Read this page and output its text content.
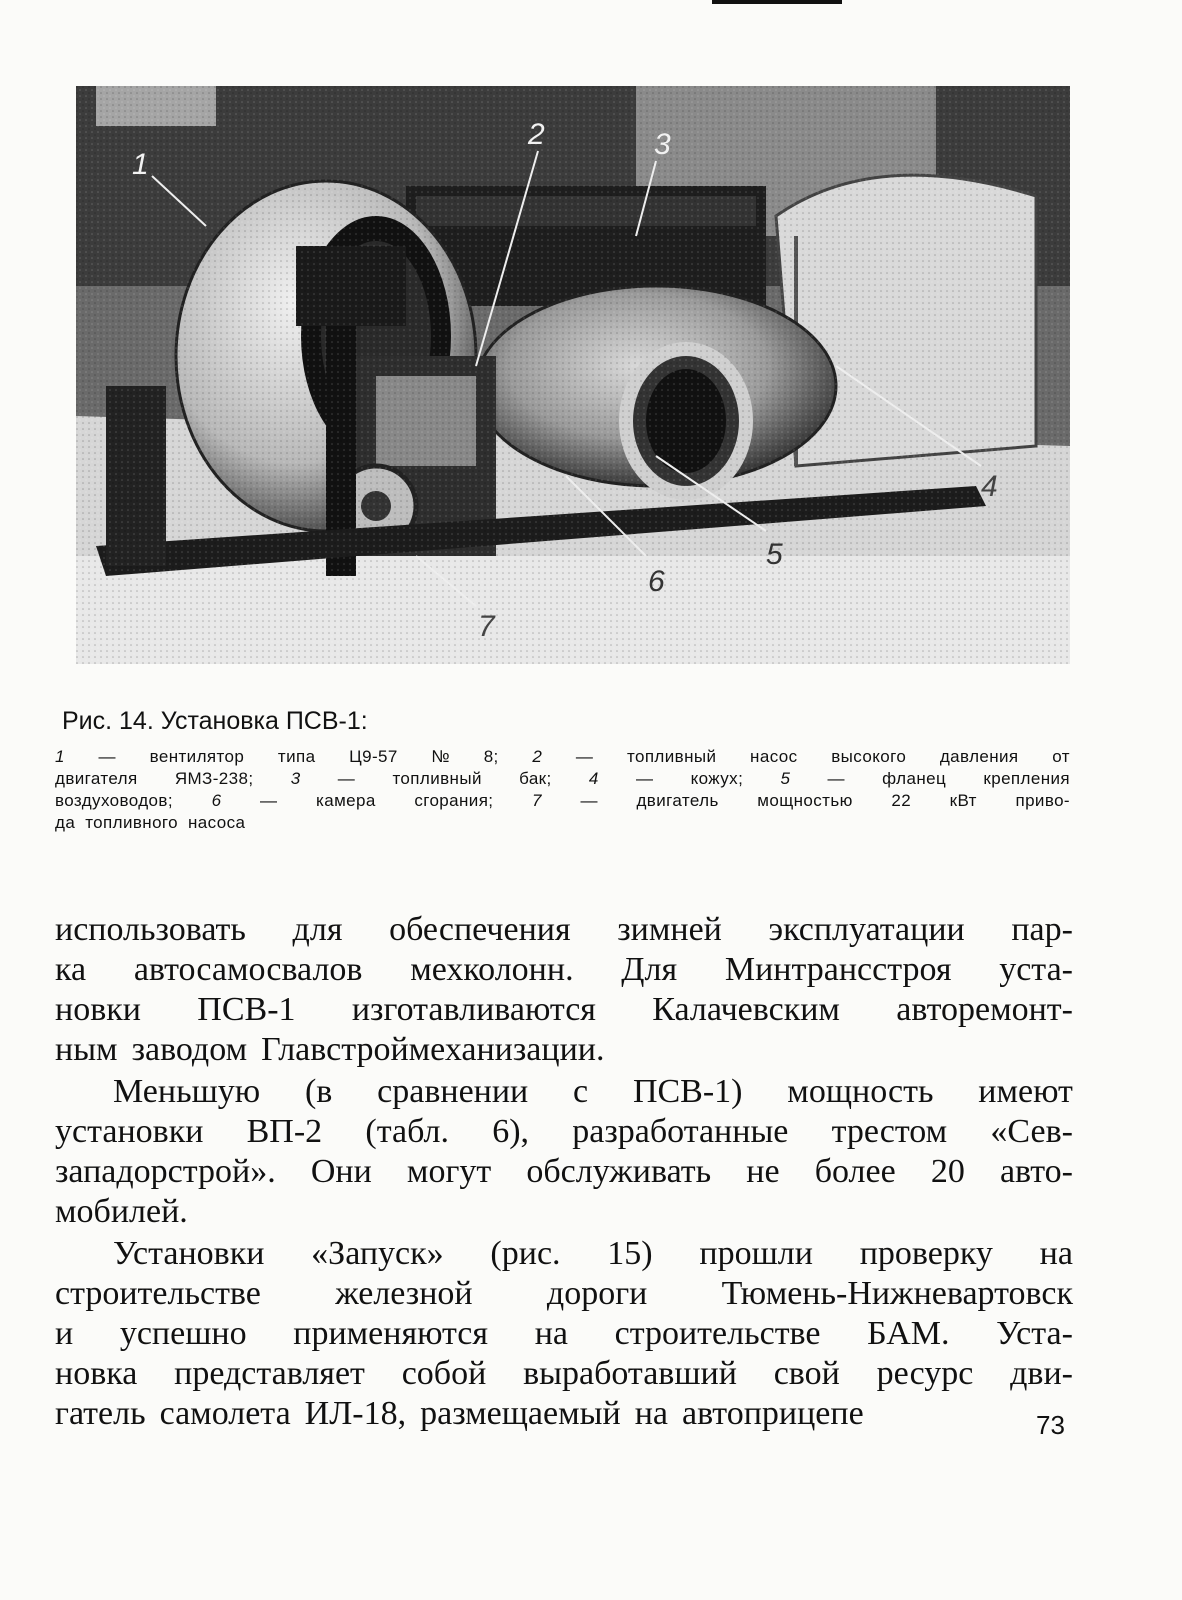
1
2	3
4
5
6
7
Рис. 14. Установка ПСВ-1:
1 — вентилятор типа Ц9-57 № 8; 2 — топливный насос высокого давления от
двигателя ЯМЗ-238; 3 — топливный бак; 4 — кожух; 5 — фланец крепления
воздуховодов; 6 — камера сгорания; 7 — двигатель мощностью 22 кВт приво-
да топливного насоса
использовать для обеспечения зимней эксплуатации пар-
ка автосамосвалов мехколонн. Для Минтрансстроя уста-
новки ПСВ-1 изготавливаются Калачевским авторемонт-
ным заводом Главстроймеханизации.
Меньшую (в сравнении с ПСВ-1) мощность имеют
установки ВП-2 (табл. 6), разработанные трестом «Сев-
западорстрой». Они могут обслуживать не более 20 авто-
мобилей.
Установки «Запуск» (рис. 15) прошли проверку на
строительстве железной дороги Тюмень-Нижневартовск
и успешно применяются на строительстве БАМ. Уста-
новка представляет собой выработавший свой ресурс дви-
гатель самолета ИЛ-18, размещаемый на автоприцепе	73
